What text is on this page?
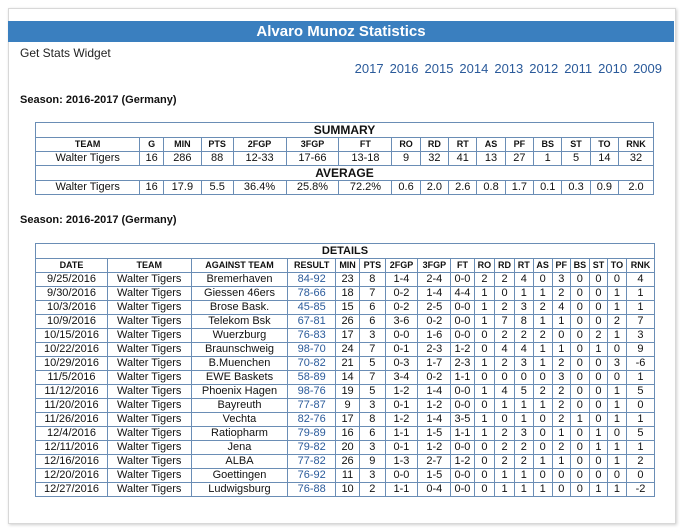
Alvaro Munoz Statistics
Get Stats Widget
2017 2016 2015 2014 2013 2012 2011 2010 2009
Season: 2016-2017 (Germany)
SUMMARY															
TEAM	G	MIN	PTS	2FGP	3FGP	FT	RO	RD	RT	AS	PF	BS	ST	TO	RNK
Walter Tigers	16	286	88	12-33	17-66	13-18	9	32	41	13	27	1	5	14	32
AVERAGE															
Walter Tigers	16	17.9	5.5	36.4%	25.8%	72.2%	0.6	2.0	2.6	0.8	1.7	0.1	0.3	0.9	2.0
Season: 2016-2017 (Germany)
DETAILS																	
DATE	TEAM	AGAINST TEAM	RESULT	MIN	PTS	2FGP	3FGP	FT	RO	RD	RT	AS	PF	BS	ST	TO	RNK
9/25/2016	Walter Tigers	Bremerhaven	84-92	23	8	1-4	2-4	0-0	2	2	4	0	3	0	0	0	4
9/30/2016	Walter Tigers	Giessen 46ers	78-66	18	7	0-2	1-4	4-4	1	0	1	1	2	0	0	1	1
10/3/2016	Walter Tigers	Brose Bask.	45-85	15	6	0-2	2-5	0-0	1	2	3	2	4	0	0	1	1
10/9/2016	Walter Tigers	Telekom Bsk	67-81	26	6	3-6	0-2	0-0	1	7	8	1	1	0	0	2	7
10/15/2016	Walter Tigers	Wuerzburg	76-83	17	3	0-0	1-6	0-0	0	2	2	2	0	0	2	1	3
10/22/2016	Walter Tigers	Braunschweig	98-70	24	7	0-1	2-3	1-2	0	4	4	1	1	0	1	0	9
10/29/2016	Walter Tigers	B.Muenchen	70-82	21	5	0-3	1-7	2-3	1	2	3	1	2	0	0	3	-6
11/5/2016	Walter Tigers	EWE Baskets	58-89	14	7	3-4	0-2	1-1	0	0	0	0	3	0	0	0	1
11/12/2016	Walter Tigers	Phoenix Hagen	98-76	19	5	1-2	1-4	0-0	1	4	5	2	2	0	0	1	5
11/20/2016	Walter Tigers	Bayreuth	77-87	9	3	0-1	1-2	0-0	0	1	1	1	2	0	0	1	0
11/26/2016	Walter Tigers	Vechta	82-76	17	8	1-2	1-4	3-5	1	0	1	0	2	1	0	1	1
12/4/2016	Walter Tigers	Ratiopharm	79-89	16	6	1-1	1-5	1-1	1	2	3	0	1	0	1	0	5
12/11/2016	Walter Tigers	Jena	79-82	20	3	0-1	1-2	0-0	0	2	2	0	2	0	1	1	1
12/16/2016	Walter Tigers	ALBA	77-82	26	9	1-3	2-7	1-2	0	2	2	1	1	0	0	1	2
12/20/2016	Walter Tigers	Goettingen	76-92	11	3	0-0	1-5	0-0	0	1	1	0	0	0	0	0	0
12/27/2016	Walter Tigers	Ludwigsburg	76-88	10	2	1-1	0-4	0-0	0	1	1	1	0	0	1	1	-2
